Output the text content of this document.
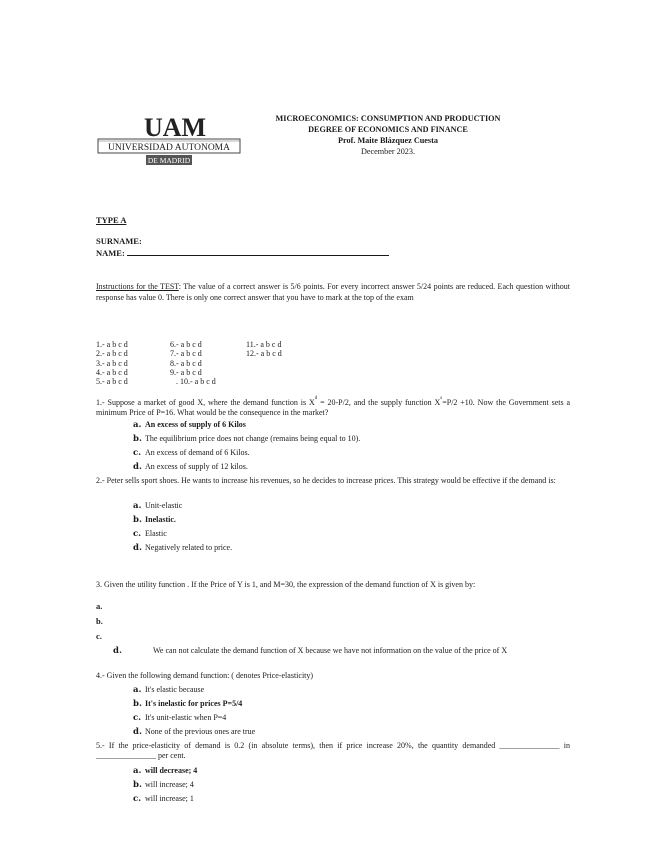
UAM
UNIVERSIDAD AUTONOMA
DE MADRID
MICROECONOMICS: CONSUMPTION AND PRODUCTION
DEGREE OF ECONOMICS AND FINANCE
Prof. Maite Blázquez Cuesta
December 2023.
TYPE A
SURNAME:
NAME:
Instructions for the TEST: The value of a correct answer is 5/6 points. For every incorrect answer 5/24 points are reduced. Each question without response has value 0. There is only one correct answer that you have to mark at the top of the exam
1.- a b c d	6.- a b c d	11.- a b c d
2.- a b c d	7.- a b c d	12.- a b c d
3.- a b c d	8.- a b c d
4.- a b c d	9.- a b c d
5.- a b c d	. 10.- a b c d
1.- Suppose a market of good X, where the demand function is $X^d = 20-P/2$, and the supply function $X^s=P/2 +10$. Now the Government sets a minimum Price of P=16. What would be the consequence in the market?
a. An excess of supply of 6 Kilos
b. The equilibrium price does not change (remains being equal to 10).
c. An excess of demand of 6 Kilos.
d. An excess of supply of 12 kilos.
2.- Peter sells sport shoes. He wants to increase his revenues, so he decides to increase prices. This strategy would be effective if the demand is:
a. Unit-elastic
b. Inelastic.
c. Elastic
d. Negatively related to price.
3. Given the utility function . If the Price of Y is 1, and M=30, the expression of the demand function of X is given by:
a.
b.
c.
d.	We can not calculate the demand function of X because we have not information on the value of the price of X
4.- Given the following demand function: ( denotes Price-elasticity)
a. It's elastic because
b. It's inelastic for prices P=5/4
c. It's unit-elastic when P=4
d. None of the previous ones are true
5.- If the price-elasticity of demand is 0.2 (in absolute terms), then if price increase 20%, the quantity demanded _______________ in _______________ per cent.
a. will decrease; 4
b. will increase; 4
c. will increase; 1
